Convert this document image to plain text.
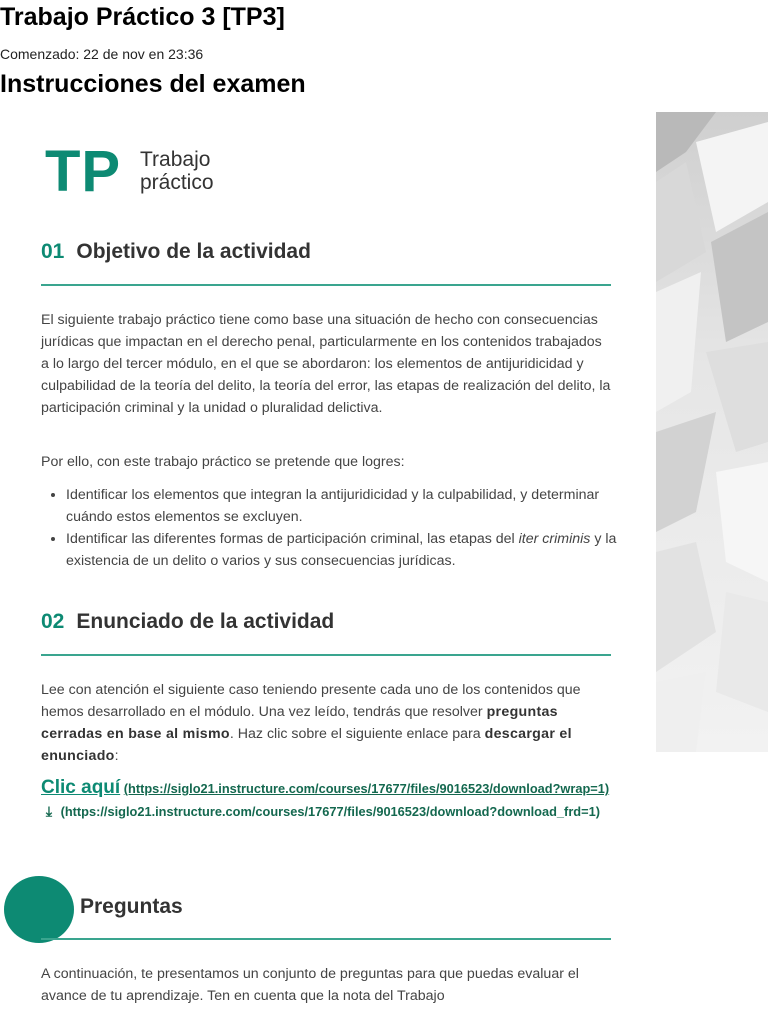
Trabajo Práctico 3 [TP3]
Comenzado: 22 de nov en 23:36
Instrucciones del examen
TP Trabajo
práctico
01 Objetivo de la actividad

El siguiente trabajo práctico tiene como base una situación de hecho con consecuencias jurídicas que impactan en el derecho penal, particularmente en los contenidos trabajados a lo largo del tercer módulo, en el que se abordaron: los elementos de antijuridicidad y culpabilidad de la teoría del delito, la teoría del error, las etapas de realización del delito, la participación criminal y la unidad o pluralidad delictiva.

Por ello, con este trabajo práctico se pretende que logres:

• Identificar los elementos que integran la antijuridicidad y la culpabilidad, y determinar cuándo estos elementos se excluyen.
• Identificar las diferentes formas de participación criminal, las etapas del iter criminis y la existencia de un delito o varios y sus consecuencias jurídicas.
02 Enunciado de la actividad

Lee con atención el siguiente caso teniendo presente cada uno de los contenidos que hemos desarrollado en el módulo. Una vez leído, tendrás que resolver preguntas cerradas en base al mismo. Haz clic sobre el siguiente enlace para descargar el enunciado:

Clic aquí (https://siglo21.instructure.com/courses/17677/files/9016523/download?wrap=1) ⤓ (https://siglo21.instructure.com/courses/17677/files/9016523/download?download_frd=1)
Preguntas

A continuación, te presentamos un conjunto de preguntas para que puedas evaluar el avance de tu aprendizaje. Ten en cuenta que la nota del Trabajo
